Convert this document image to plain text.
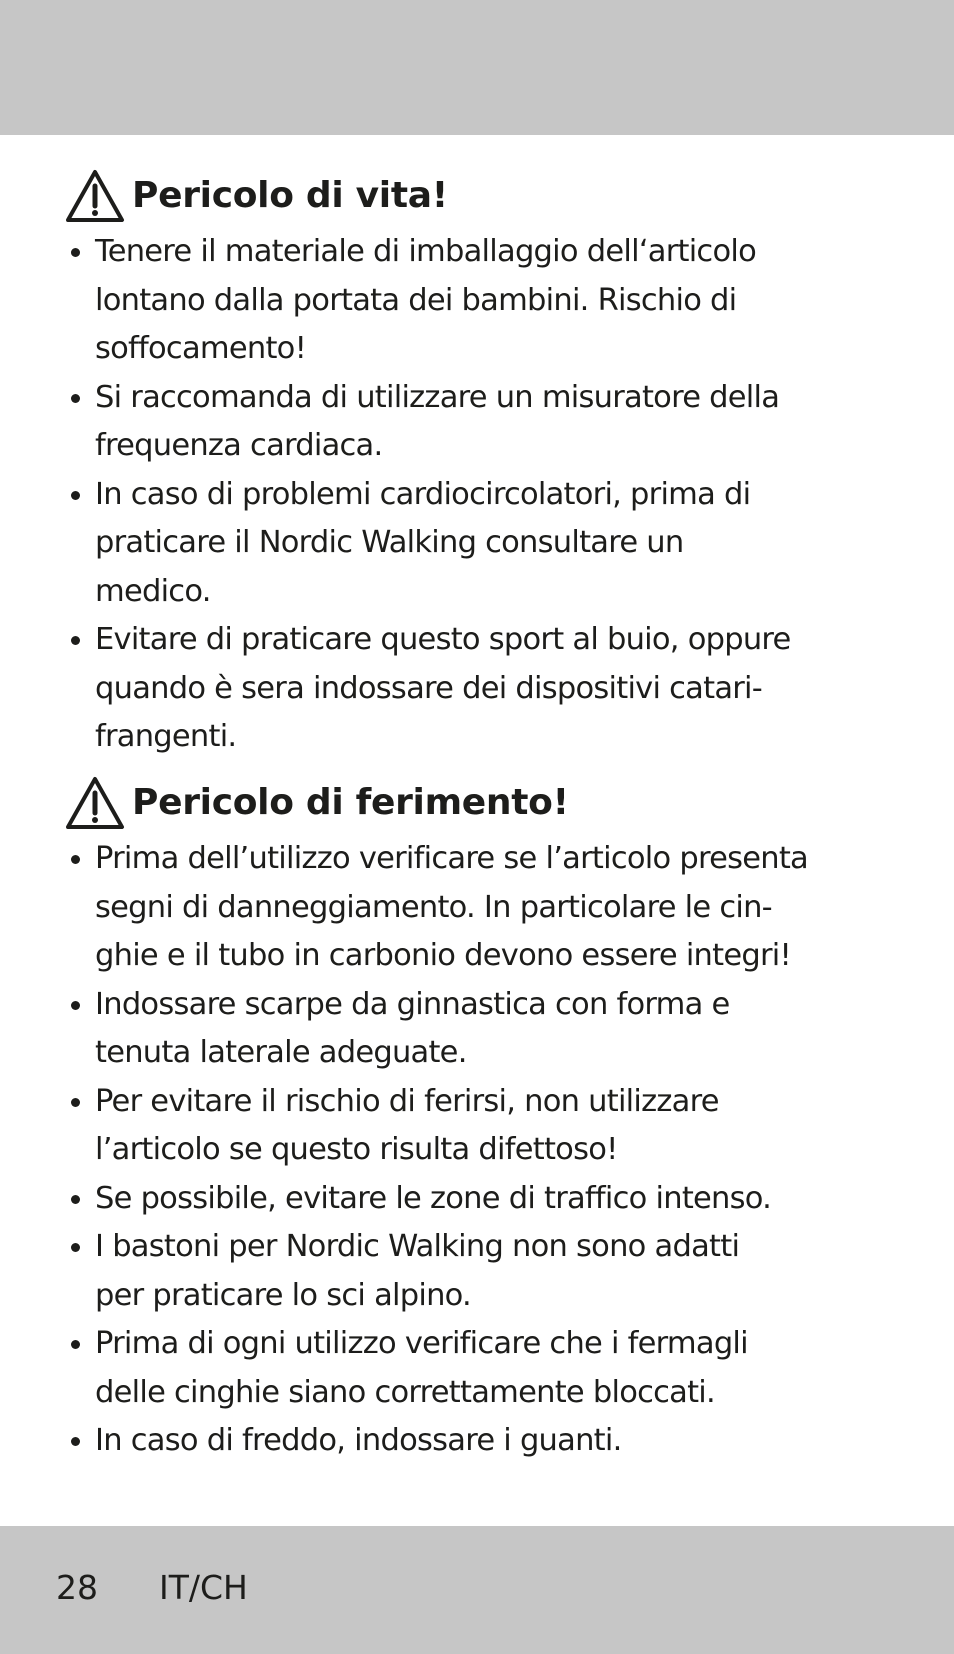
Pericolo di vita!
Tenere il materiale di imballaggio dell‘articolo
lontano dalla portata dei bambini. Rischio di
soffocamento!
Si raccomanda di utilizzare un misuratore della
frequenza cardiaca.
In caso di problemi cardiocircolatori, prima di
praticare il Nordic Walking consultare un
medico.
Evitare di praticare questo sport al buio, oppure
quando è sera indossare dei dispositivi catari-
frangenti.
Pericolo di ferimento!
Prima dell’utilizzo verificare se l’articolo presenta
segni di danneggiamento. In particolare le cin-
ghie e il tubo in carbonio devono essere integri!
Indossare scarpe da ginnastica con forma e
tenuta laterale adeguate.
Per evitare il rischio di ferirsi, non utilizzare
l’articolo se questo risulta difettoso!
Se possibile, evitare le zone di traffico intenso.
I bastoni per Nordic Walking non sono adatti
per praticare lo sci alpino.
Prima di ogni utilizzo verificare che i fermagli
delle cinghie siano correttamente bloccati.
In caso di freddo, indossare i guanti.
28 IT/CH
